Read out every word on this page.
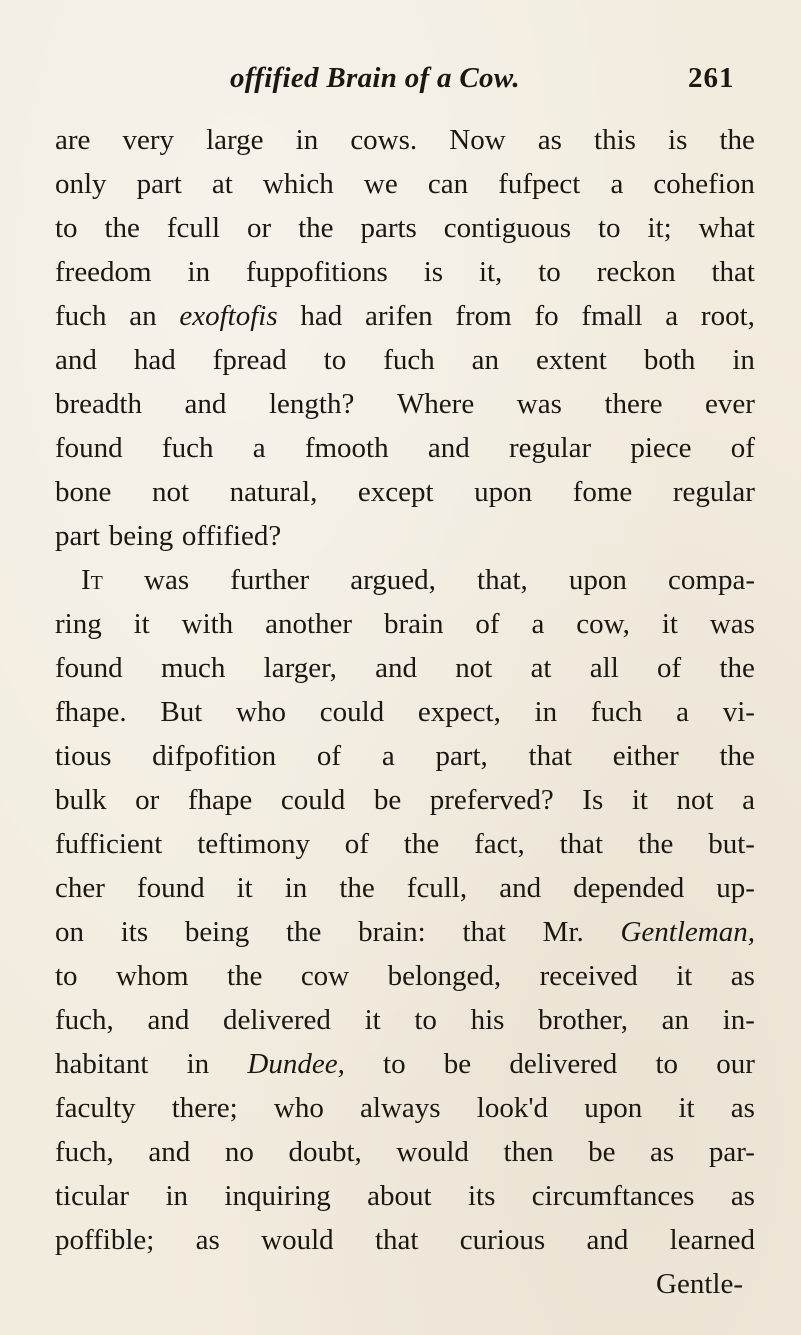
offified Brain of a Cow.	261
are very large in cows. Now as this is the
only part at which we can fufpect a cohefion
to the fcull or the parts contiguous to it; what
freedom in fuppofitions is it, to reckon that
fuch an exoftofis had arifen from fo fmall a root,
and had fpread to fuch an extent both in
breadth and length? Where was there ever
found fuch a fmooth and regular piece of
bone not natural, except upon fome regular
part being offified?
It was further argued, that, upon compa-
ring it with another brain of a cow, it was
found much larger, and not at all of the
fhape. But who could expect, in fuch a vi-
tious difpofition of a part, that either the
bulk or fhape could be preferved? Is it not a
fufficient teftimony of the fact, that the but-
cher found it in the fcull, and depended up-
on its being the brain: that Mr. Gentleman,
to whom the cow belonged, received it as
fuch, and delivered it to his brother, an in-
habitant in Dundee, to be delivered to our
faculty there; who always look'd upon it as
fuch, and no doubt, would then be as par-
ticular in inquiring about its circumftances as
poffible; as would that curious and learned
Gentle-
